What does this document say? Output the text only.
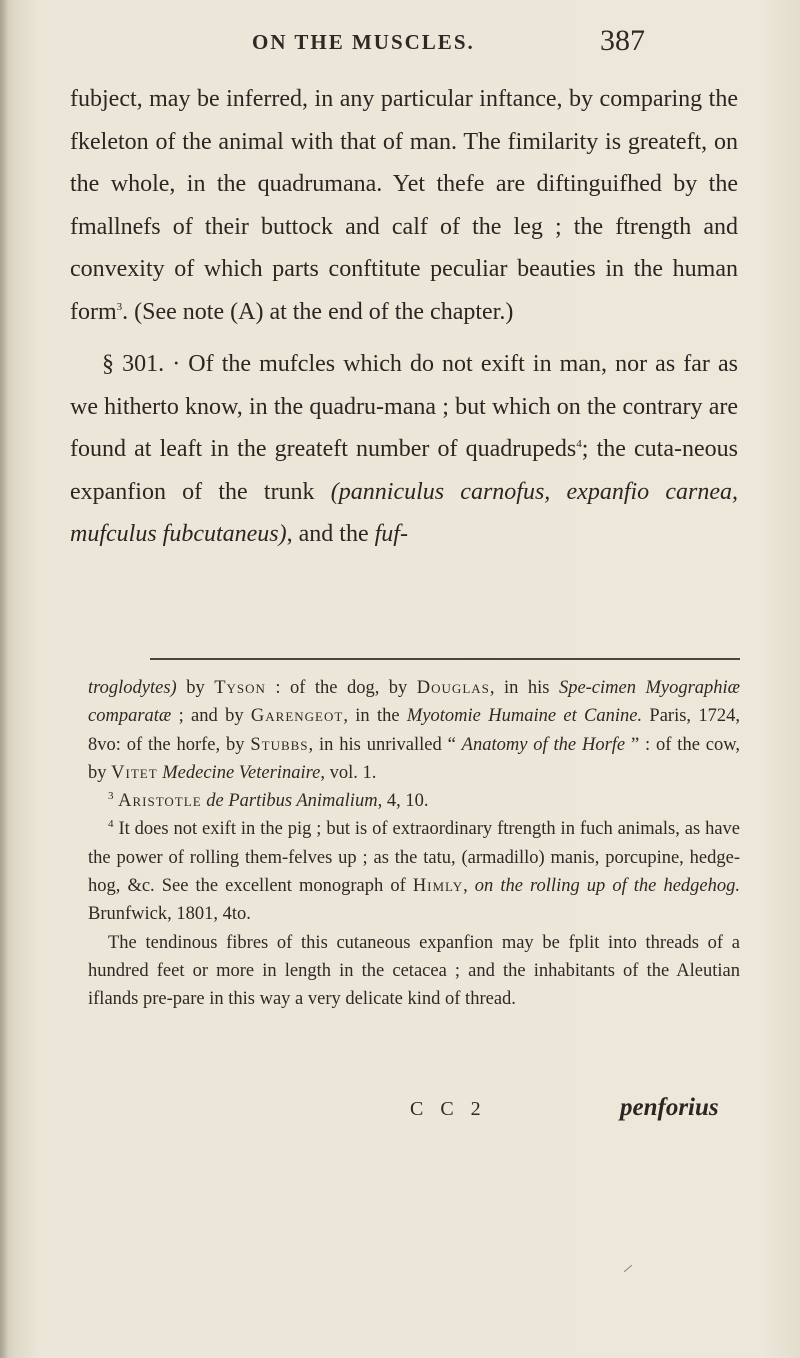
ON THE MUSCLES.	387

fubject, may be inferred, in any particular inftance, by comparing the fkeleton of the animal with that of man. The fimilarity is greateft, on the whole, in the quadrumana. Yet thefe are diftinguifhed by the fmallnefs of their buttock and calf of the leg ; the ftrength and convexity of which parts conftitute peculiar beauties in the human form$^3$. (See note (A) at the end of the chapter.)

§ 301. · Of the mufcles which do not exift in man, nor as far as we hitherto know, in the quadru-mana ; but which on the contrary are found at leaft in the greateft number of quadrupeds$^4$; the cuta-neous expanfion of the trunk (panniculus carnofus, expanfio carnea, mufculus fubcutaneus), and the fuf-

troglodytes) by Tyson : of the dog, by Douglas, in his Spe-cimen Myographiæ comparatæ ; and by Garengeot, in the Myotomie Humaine et Canine. Paris, 1724, 8vo: of the horfe, by Stubbs, in his unrivalled “ Anatomy of the Horfe ” : of the cow, by Vitet Medecine Veterinaire, vol. 1.

$^3$ Aristotle de Partibus Animalium, 4, 10.

$^4$ It does not exift in the pig ; but is of extraordinary ftrength in fuch animals, as have the power of rolling them-felves up ; as the tatu, (armadillo) manis, porcupine, hedge-hog, &c. See the excellent monograph of Himly, on the rolling up of the hedgehog. Brunfwick, 1801, 4to.

The tendinous fibres of this cutaneous expanfion may be fplit into threads of a hundred feet or more in length in the cetacea ; and the inhabitants of the Aleutian iflands pre-pare in this way a very delicate kind of thread.

C C 2	penforius
